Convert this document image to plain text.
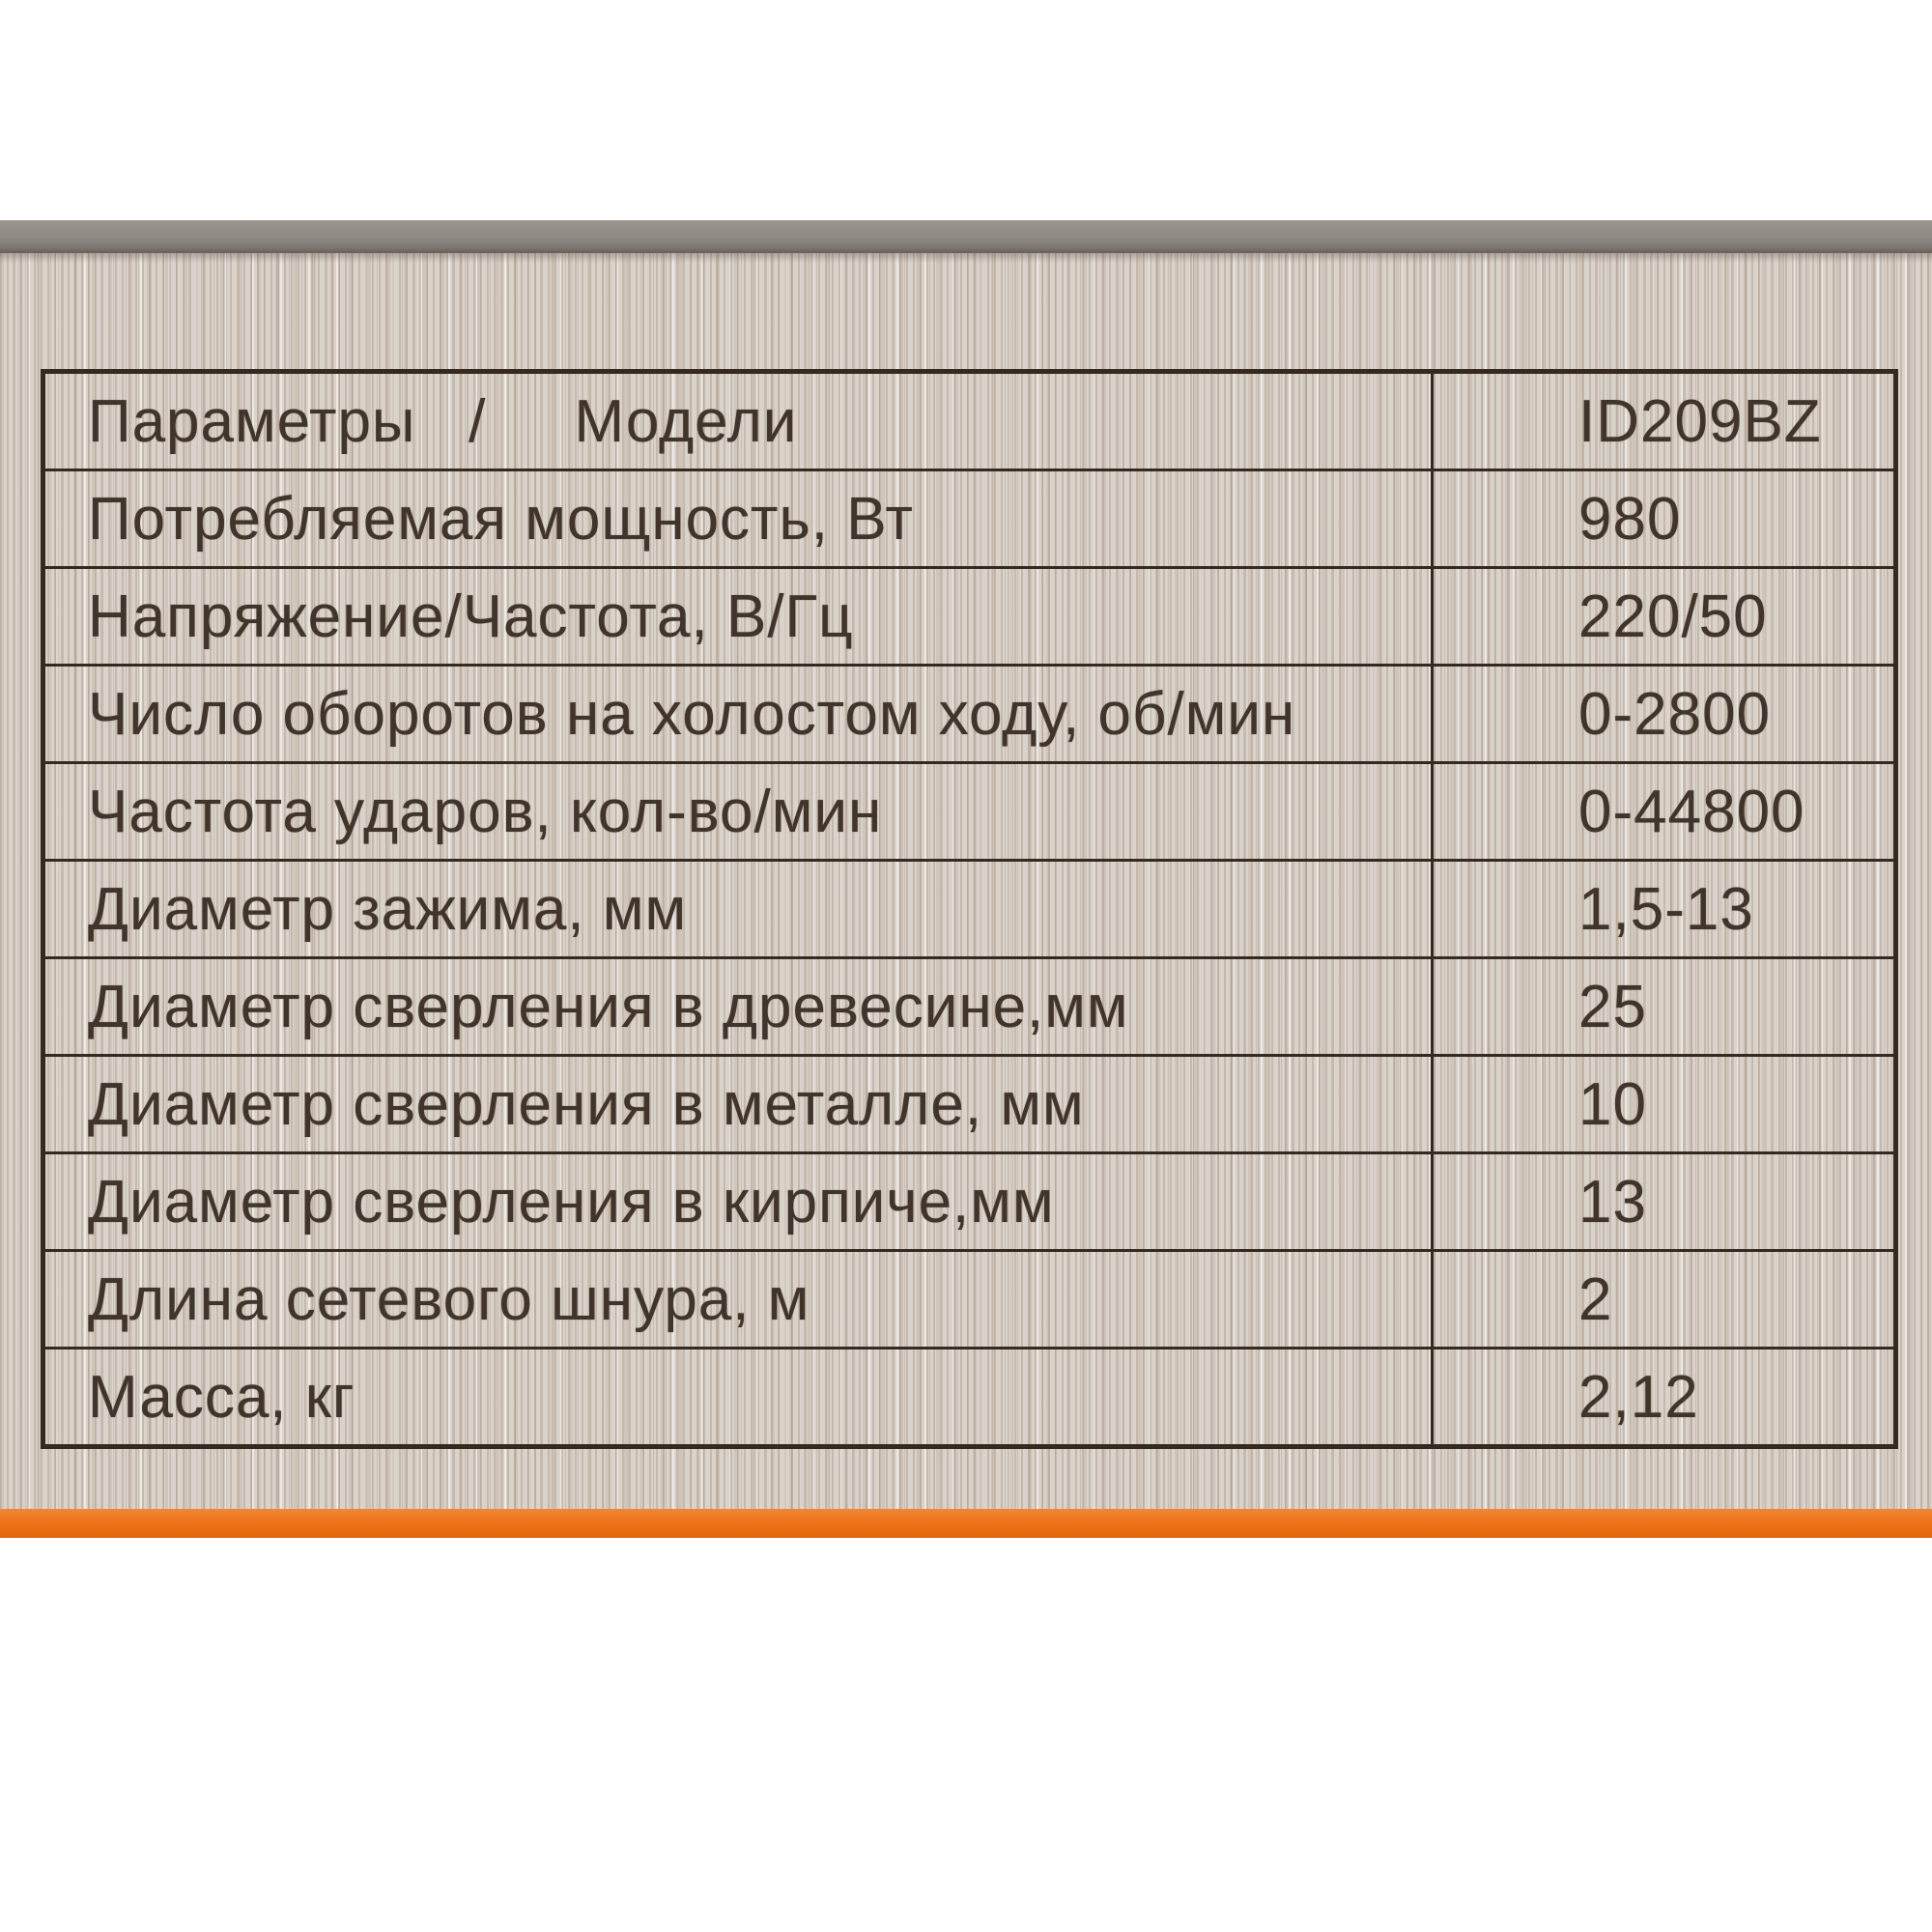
Параметры   /     Модели	ID209BZ
Потребляемая мощность, Вт	980
Напряжение/Частота, В/Гц	220/50
Число оборотов на холостом ходу, об/мин	0-2800
Частота ударов, кол-во/мин	0-44800
Диаметр зажима, мм	1,5-13
Диаметр сверления в древесине,мм	25
Диаметр сверления в металле, мм	10
Диаметр сверления в кирпиче,мм	13
Длина сетевого шнура, м	2
Масса, кг	2,12
